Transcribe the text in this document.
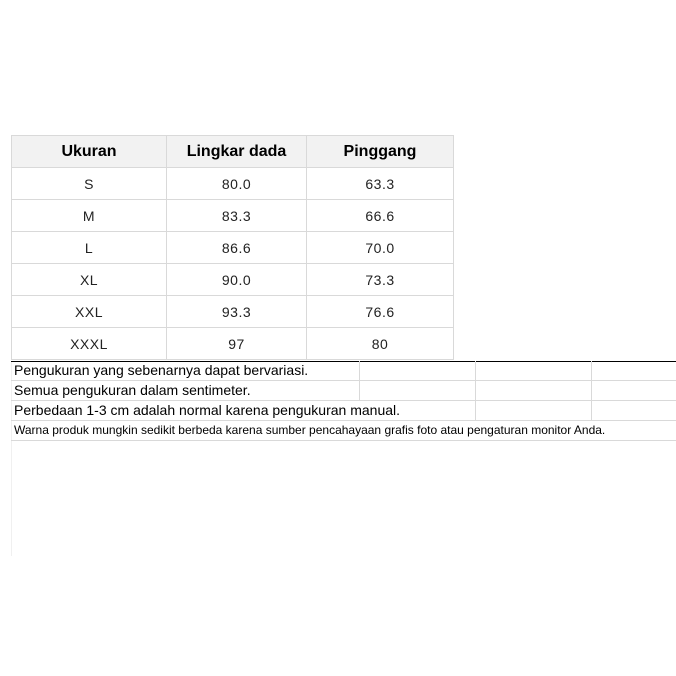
Ukuran	Lingkar dada	Pinggang
S	80.0	63.3
M	83.3	66.6
L	86.6	70.0
XL	90.0	73.3
XXL	93.3	76.6
XXXL	97	80
Pengukuran yang sebenarnya dapat bervariasi.
Semua pengukuran dalam sentimeter.
Perbedaan 1-3 cm adalah normal karena pengukuran manual.
Warna produk mungkin sedikit berbeda karena sumber pencahayaan grafis foto atau pengaturan monitor Anda.
